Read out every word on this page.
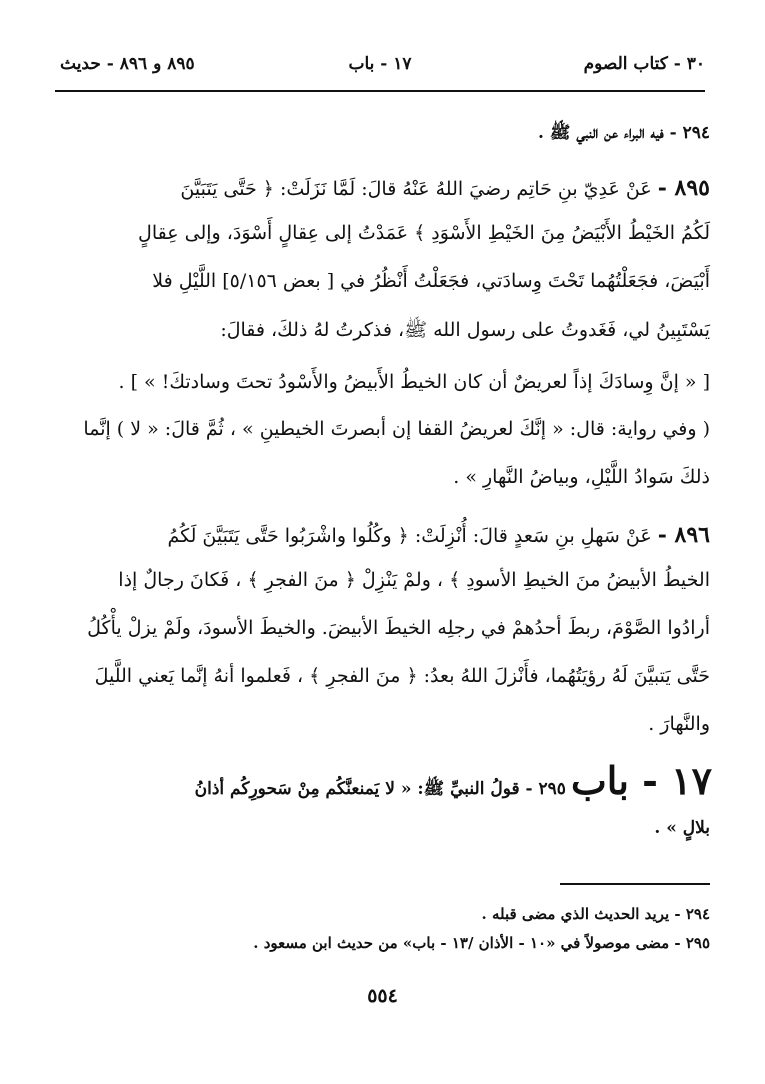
٣٠ - كتاب الصوم
١٧ - باب
٨٩٥ و ٨٩٦ - حديث
٢٩٤ - فيه البراء عن النبي ﷺ .
٨٩٥ - عَنْ عَدِيّ بنِ حَاتِم رضيَ اللهُ عَنْهُ قالَ: لَمَّا نَزَلَتْ: ﴿ حَتَّى يَتَبَيَّنَ
لَكُمُ الخَيْطُ الأَبْيَضُ مِنَ الخَيْطِ الأَسْوَدِ ﴾ عَمَدْتُ إلى عِقالٍ أَسْوَدَ، وإلى عِقالٍ
أَبْيَضَ، فجَعَلْتُهُما تَحْتَ وِسادَتي، فجَعَلْتُ أَنْظُرُ في [ بعض ٥/١٥٦] اللَّيْلِ فلا
يَسْتَبِينُ لي، فَغَدوتُ على رسول الله ﷺ، فذكرتُ لهُ ذلكَ، فقالَ:
[ « إنَّ وِسادَكَ إذاً لعريضٌ أن كان الخيطُ الأَبيضُ والأَسْودُ تحتَ وسادتكَ! » ] .
( وفي رواية: قال: « إنَّكَ لعريضُ القفا إن أبصرتَ الخيطينِ » ، ثُمَّ قالَ: « لا ) إنَّما
ذلكَ سَوادُ اللَّيْلِ، وبياضُ النَّهارِ » .
٨٩٦ - عَنْ سَهلِ بنِ سَعدٍ قالَ: أُنْزِلَتْ: ﴿ وكُلُوا واشْرَبُوا حَتَّى يَتَبَيَّنَ لَكُمُ
الخيطُ الأبيضُ منَ الخيطِ الأسودِ ﴾ ، ولمْ يَنْزِلْ ﴿ منَ الفجرِ ﴾ ، فَكانَ رجالٌ إذا
أرادُوا الصَّوْمَ، ربطَ أحدُهمْ في رجلِه الخيطَ الأبيضَ. والخيطَ الأسودَ، ولَمْ يزلْ يأْكُلُ
حَتَّى يَتبيَّنَ لَهُ رؤيَتُهُما، فأَنْزلَ اللهُ بعدُ: ﴿ منَ الفجرِ ﴾ ، فَعلموا أنهُ إنَّما يَعني اللَّيلَ
والنَّهارَ .
١٧ - باب ٢٩٥ - قولُ النبيِّ ﷺ: « لا يَمنعنَّكُم مِنْ سَحورِكُم أذانُ
بلالٍ » .
٢٩٤ - يريد الحديث الذي مضى قبله .
٢٩٥ - مضى موصولاً في «١٠ - الأذان /١٣ - باب» من حديث ابن مسعود .
٥٥٤
